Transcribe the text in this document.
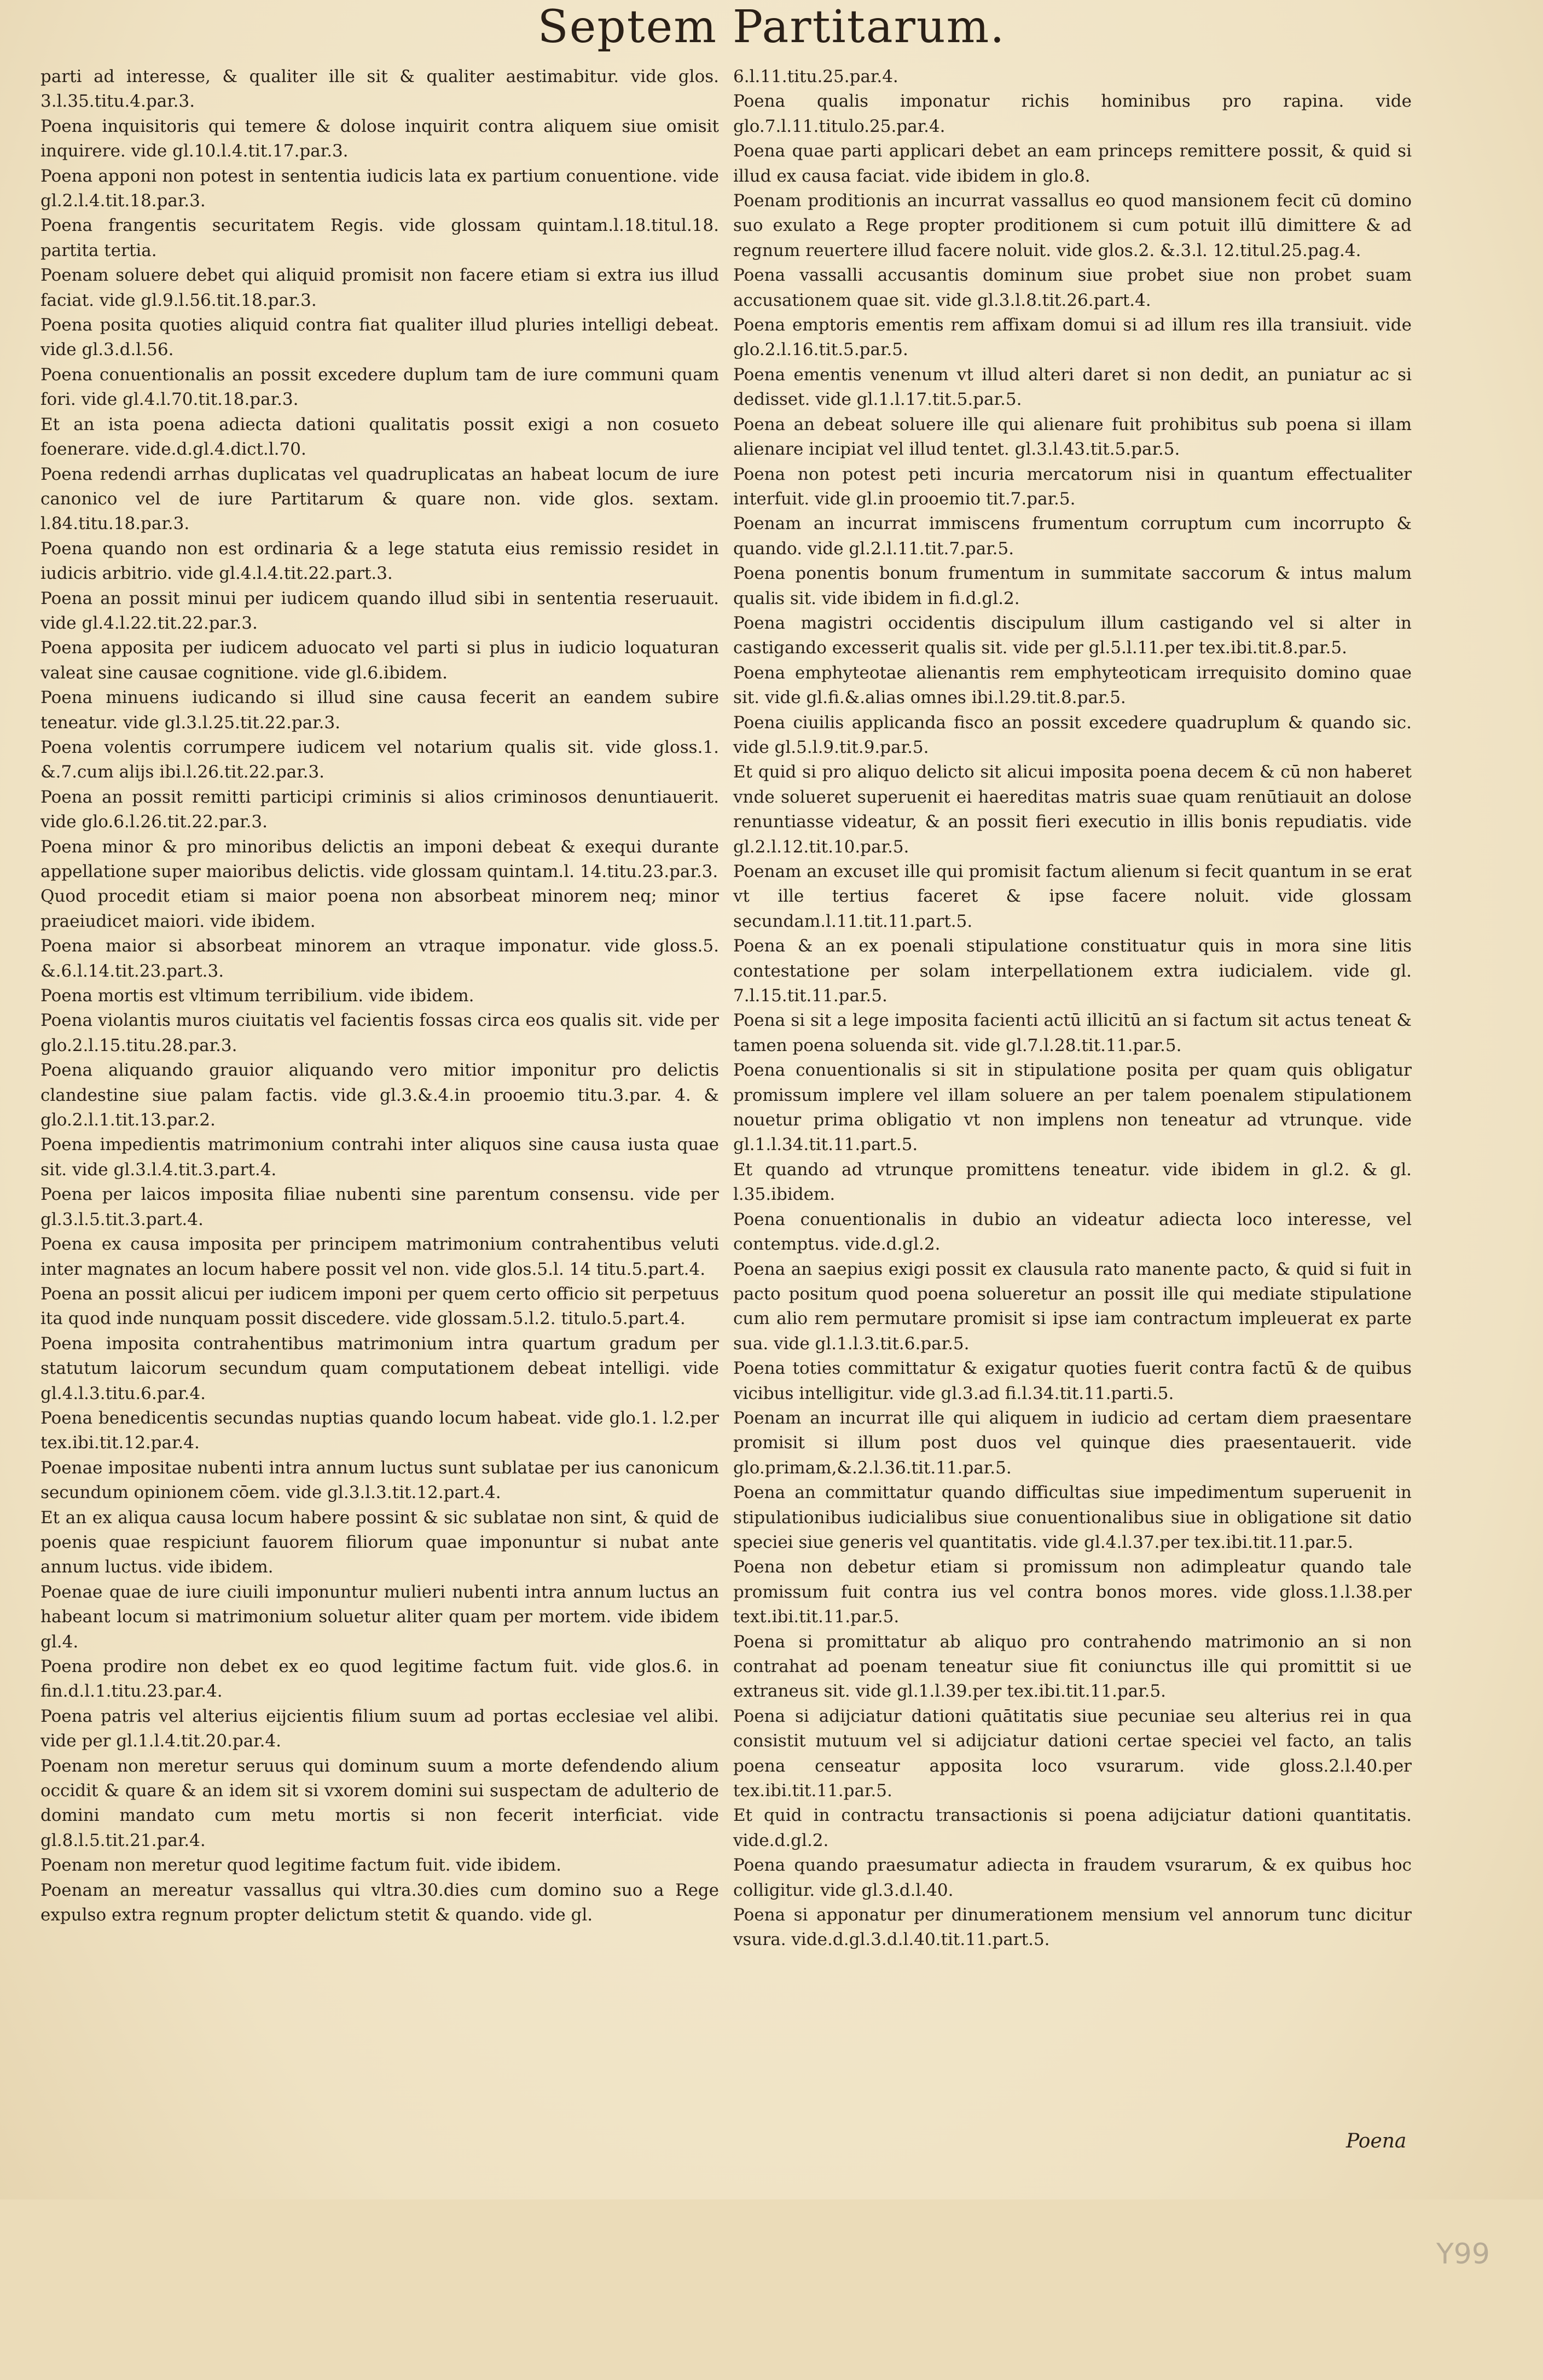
Septem Partitarum.

parti ad interesse, & qualiter ille sit & qualiter aestimabitur. vide glos. 3.l.35.titu.4.par.3.

Poena inquisitoris qui temere & dolose inquirit contra aliquem siue omisit inquirere. vide gl.10.l.4.tit.17.par.3.

Poena apponi non potest in sententia iudicis lata ex partium conuentione. vide gl.2.l.4.tit.18.par.3.

Poena frangentis securitatem Regis. vide glossam quintam.l.18.titul.18. partita tertia.

Poenam soluere debet qui aliquid promisit non facere etiam si extra ius illud faciat. vide gl.9.l.56.tit.18.par.3.

Poena posita quoties aliquid contra fiat qualiter illud pluries intelligi debeat. vide gl.3.d.l.56.

Poena conuentionalis an possit excedere duplum tam de iure communi quam fori. vide gl.4.l.70.tit.18.par.3.

Et an ista poena adiecta dationi qualitatis possit exigi a non cosueto foenerare. vide.d.gl.4.dict.l.70.

Poena redendi arrhas duplicatas vel quadruplicatas an habeat locum de iure canonico vel de iure Partitarum & quare non. vide glos. sextam. l.84.titu.18.par.3.

Poena quando non est ordinaria & a lege statuta eius remissio residet in iudicis arbitrio. vide gl.4.l.4.tit.22.part.3.

Poena an possit minui per iudicem quando illud sibi in sententia reseruauit. vide gl.4.l.22.tit.22.par.3.

Poena apposita per iudicem aduocato vel parti si plus in iudicio loquaturan valeat sine causae cognitione. vide gl.6.ibidem.

Poena minuens iudicando si illud sine causa fecerit an eandem subire teneatur. vide gl.3.l.25.tit.22.par.3.

Poena volentis corrumpere iudicem vel notarium qualis sit. vide gloss.1. &.7.cum alijs ibi.l.26.tit.22.par.3.

Poena an possit remitti participi criminis si alios criminosos denuntiauerit. vide glo.6.l.26.tit.22.par.3.

Poena minor & pro minoribus delictis an imponi debeat & exequi durante appellatione super maioribus delictis. vide glossam quintam.l. 14.titu.23.par.3.

Quod procedit etiam si maior poena non absorbeat minorem neq; minor praeiudicet maiori. vide ibidem.

Poena maior si absorbeat minorem an vtraque imponatur. vide gloss.5. &.6.l.14.tit.23.part.3.

Poena mortis est vltimum terribilium. vide ibidem.

Poena violantis muros ciuitatis vel facientis fossas circa eos qualis sit. vide per glo.2.l.15.titu.28.par.3.

Poena aliquando grauior aliquando vero mitior imponitur pro delictis clandestine siue palam factis. vide gl.3.&.4.in prooemio titu.3.par. 4. & glo.2.l.1.tit.13.par.2.

Poena impedientis matrimonium contrahi inter aliquos sine causa iusta quae sit. vide gl.3.l.4.tit.3.part.4.

Poena per laicos imposita filiae nubenti sine parentum consensu. vide per gl.3.l.5.tit.3.part.4.

Poena ex causa imposita per principem matrimonium contrahentibus veluti inter magnates an locum habere possit vel non. vide glos.5.l. 14 titu.5.part.4.

Poena an possit alicui per iudicem imponi per quem certo officio sit perpetuus ita quod inde nunquam possit discedere. vide glossam.5.l.2. titulo.5.part.4.

Poena imposita contrahentibus matrimonium intra quartum gradum per statutum laicorum secundum quam computationem debeat intelligi. vide gl.4.l.3.titu.6.par.4.

Poena benedicentis secundas nuptias quando locum habeat. vide glo.1. l.2.per tex.ibi.tit.12.par.4.

Poenae impositae nubenti intra annum luctus sunt sublatae per ius canonicum secundum opinionem cōem. vide gl.3.l.3.tit.12.part.4.

Et an ex aliqua causa locum habere possint & sic sublatae non sint, & quid de poenis quae respiciunt fauorem filiorum quae imponuntur si nubat ante annum luctus. vide ibidem.

Poenae quae de iure ciuili imponuntur mulieri nubenti intra annum luctus an habeant locum si matrimonium soluetur aliter quam per mortem. vide ibidem gl.4.

Poena prodire non debet ex eo quod legitime factum fuit. vide glos.6. in fin.d.l.1.titu.23.par.4.

Poena patris vel alterius eijcientis filium suum ad portas ecclesiae vel alibi. vide per gl.1.l.4.tit.20.par.4.

Poenam non meretur seruus qui dominum suum a morte defendendo alium occidit & quare & an idem sit si vxorem domini sui suspectam de adulterio de domini mandato cum metu mortis si non fecerit interficiat. vide gl.8.l.5.tit.21.par.4.

Poenam non meretur quod legitime factum fuit. vide ibidem.

Poenam an mereatur vassallus qui vltra.30.dies cum domino suo a Rege expulso extra regnum propter delictum stetit & quando. vide gl.

6.l.11.titu.25.par.4.

Poena qualis imponatur richis hominibus pro rapina. vide glo.7.l.11.titulo.25.par.4.

Poena quae parti applicari debet an eam princeps remittere possit, & quid si illud ex causa faciat. vide ibidem in glo.8.

Poenam proditionis an incurrat vassallus eo quod mansionem fecit cū domino suo exulato a Rege propter proditionem si cum potuit illū dimittere & ad regnum reuertere illud facere noluit. vide glos.2. &.3.l. 12.titul.25.pag.4.

Poena vassalli accusantis dominum siue probet siue non probet suam accusationem quae sit. vide gl.3.l.8.tit.26.part.4.

Poena emptoris ementis rem affixam domui si ad illum res illa transiuit. vide glo.2.l.16.tit.5.par.5.

Poena ementis venenum vt illud alteri daret si non dedit, an puniatur ac si dedisset. vide gl.1.l.17.tit.5.par.5.

Poena an debeat soluere ille qui alienare fuit prohibitus sub poena si illam alienare incipiat vel illud tentet. gl.3.l.43.tit.5.par.5.

Poena non potest peti incuria mercatorum nisi in quantum effectualiter interfuit. vide gl.in prooemio tit.7.par.5.

Poenam an incurrat immiscens frumentum corruptum cum incorrupto & quando. vide gl.2.l.11.tit.7.par.5.

Poena ponentis bonum frumentum in summitate saccorum & intus malum qualis sit. vide ibidem in fi.d.gl.2.

Poena magistri occidentis discipulum illum castigando vel si alter in castigando excesserit qualis sit. vide per gl.5.l.11.per tex.ibi.tit.8.par.5.

Poena emphyteotae alienantis rem emphyteoticam irrequisito domino quae sit. vide gl.fi.&.alias omnes ibi.l.29.tit.8.par.5.

Poena ciuilis applicanda fisco an possit excedere quadruplum & quando sic. vide gl.5.l.9.tit.9.par.5.

Et quid si pro aliquo delicto sit alicui imposita poena decem & cū non haberet vnde solueret superuenit ei haereditas matris suae quam renūtiauit an dolose renuntiasse videatur, & an possit fieri executio in illis bonis repudiatis. vide gl.2.l.12.tit.10.par.5.

Poenam an excuset ille qui promisit factum alienum si fecit quantum in se erat vt ille tertius faceret & ipse facere noluit. vide glossam secundam.l.11.tit.11.part.5.

Poena & an ex poenali stipulatione constituatur quis in mora sine litis contestatione per solam interpellationem extra iudicialem. vide gl. 7.l.15.tit.11.par.5.

Poena si sit a lege imposita facienti actū illicitū an si factum sit actus teneat & tamen poena soluenda sit. vide gl.7.l.28.tit.11.par.5.

Poena conuentionalis si sit in stipulatione posita per quam quis obligatur promissum implere vel illam soluere an per talem poenalem stipulationem nouetur prima obligatio vt non implens non teneatur ad vtrunque. vide gl.1.l.34.tit.11.part.5.

Et quando ad vtrunque promittens teneatur. vide ibidem in gl.2. & gl. l.35.ibidem.

Poena conuentionalis in dubio an videatur adiecta loco interesse, vel contemptus. vide.d.gl.2.

Poena an saepius exigi possit ex clausula rato manente pacto, & quid si fuit in pacto positum quod poena solueretur an possit ille qui mediate stipulatione cum alio rem permutare promisit si ipse iam contractum impleuerat ex parte sua. vide gl.1.l.3.tit.6.par.5.

Poena toties committatur & exigatur quoties fuerit contra factū & de quibus vicibus intelligitur. vide gl.3.ad fi.l.34.tit.11.parti.5.

Poenam an incurrat ille qui aliquem in iudicio ad certam diem praesentare promisit si illum post duos vel quinque dies praesentauerit. vide glo.primam,&.2.l.36.tit.11.par.5.

Poena an committatur quando difficultas siue impedimentum superuenit in stipulationibus iudicialibus siue conuentionalibus siue in obligatione sit datio speciei siue generis vel quantitatis. vide gl.4.l.37.per tex.ibi.tit.11.par.5.

Poena non debetur etiam si promissum non adimpleatur quando tale promissum fuit contra ius vel contra bonos mores. vide gloss.1.l.38.per text.ibi.tit.11.par.5.

Poena si promittatur ab aliquo pro contrahendo matrimonio an si non contrahat ad poenam teneatur siue fit coniunctus ille qui promittit si ue extraneus sit. vide gl.1.l.39.per tex.ibi.tit.11.par.5.

Poena si adijciatur dationi quātitatis siue pecuniae seu alterius rei in qua consistit mutuum vel si adijciatur dationi certae speciei vel facto, an talis poena censeatur apposita loco vsurarum. vide gloss.2.l.40.per tex.ibi.tit.11.par.5.

Et quid in contractu transactionis si poena adijciatur dationi quantitatis. vide.d.gl.2.

Poena quando praesumatur adiecta in fraudem vsurarum, & ex quibus hoc colligitur. vide gl.3.d.l.40.

Poena si apponatur per dinumerationem mensium vel annorum tunc dicitur vsura. vide.d.gl.3.d.l.40.tit.11.part.5.

Poena
Y99
